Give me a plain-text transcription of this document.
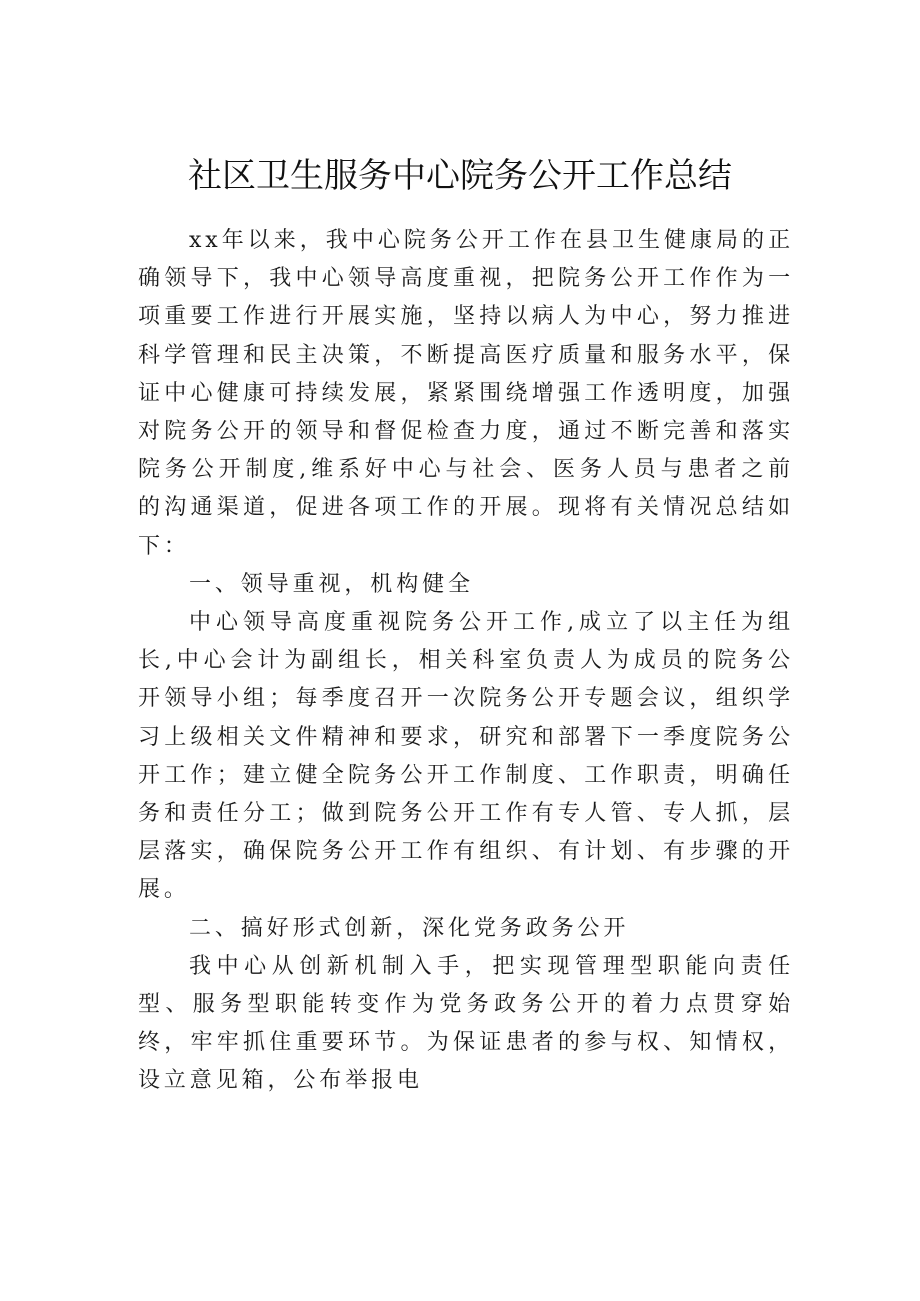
社区卫生服务中心院务公开工作总结

xx年以来，我中心院务公开工作在县卫生健康局的正确领导下，我中心领导高度重视，把院务公开工作作为一项重要工作进行开展实施，坚持以病人为中心，努力推进科学管理和民主决策，不断提高医疗质量和服务水平，保证中心健康可持续发展，紧紧围绕增强工作透明度，加强对院务公开的领导和督促检查力度，通过不断完善和落实院务公开制度,维系好中心与社会、医务人员与患者之前的沟通渠道，促进各项工作的开展。现将有关情况总结如下：

一、领导重视，机构健全

中心领导高度重视院务公开工作,成立了以主任为组长,中心会计为副组长，相关科室负责人为成员的院务公开领导小组；每季度召开一次院务公开专题会议，组织学习上级相关文件精神和要求，研究和部署下一季度院务公开工作；建立健全院务公开工作制度、工作职责，明确任务和责任分工；做到院务公开工作有专人管、专人抓，层层落实，确保院务公开工作有组织、有计划、有步骤的开展。

二、搞好形式创新，深化党务政务公开

我中心从创新机制入手，把实现管理型职能向责任型、服务型职能转变作为党务政务公开的着力点贯穿始终，牢牢抓住重要环节。为保证患者的参与权、知情权，设立意见箱，公布举报电
